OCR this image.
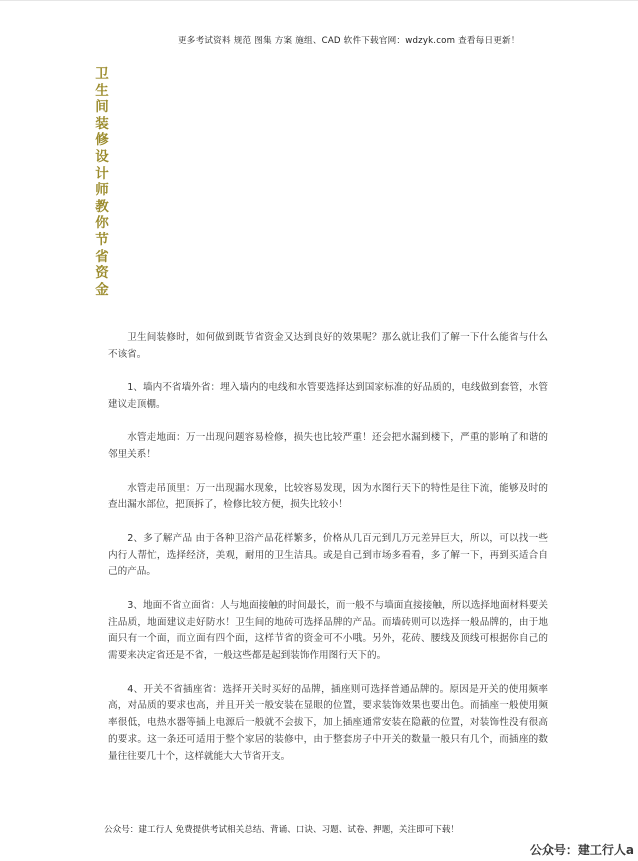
更多考试资料 规范 图集 方案 施组、CAD 软件下载官网：wdzyk.com 查看每日更新！
卫生间装修设计师教你节省资金

卫生间装修时，如何做到既节省资金又达到良好的效果呢？那么就让我们了解一下什么能省与什么不该省。

1、墙内不省墙外省：埋入墙内的电线和水管要选择达到国家标准的好品质的，电线做到套管，水管建议走顶棚。

水管走地面：万一出现问题容易检修，损失也比较严重！还会把水漏到楼下，严重的影响了和谐的邻里关系！

水管走吊顶里：万一出现漏水现象，比较容易发现，因为水图行天下的特性是往下流，能够及时的查出漏水部位，把顶拆了，检修比较方便，损失比较小！

2、多了解产品 由于各种卫浴产品花样繁多，价格从几百元到几万元差异巨大，所以，可以找一些内行人帮忙，选择经济，美观，耐用的卫生洁具。或是自己到市场多看看，多了解一下，再到买适合自己的产品。

3、地面不省立面省：人与地面接触的时间最长，而一般不与墙面直接接触，所以选择地面材料要关注品质，地面建议走好防水！卫生间的地砖可选择品牌的产品。而墙砖则可以选择一般品牌的，由于地面只有一个面，而立面有四个面，这样节省的资金可不小哦。另外，花砖、腰线及顶线可根据你自己的需要来决定省还是不省，一般这些都是起到装饰作用图行天下的。

4、开关不省插座省：选择开关时买好的品牌，插座则可选择普通品牌的。原因是开关的使用频率高，对品质的要求也高，并且开关一般安装在显眼的位置，要求装饰效果也要出色。而插座一般使用频率很低，电热水器等插上电源后一般就不会拔下，加上插座通常安装在隐蔽的位置，对装饰性没有很高的要求。这一条还可适用于整个家居的装修中，由于整套房子中开关的数量一般只有几个，而插座的数量往往要几十个，这样就能大大节省开支。

公众号：建工行人 免费提供考试相关总结、背诵、口诀、习题、试卷、押题，关注即可下载！
公众号：建工行人a
